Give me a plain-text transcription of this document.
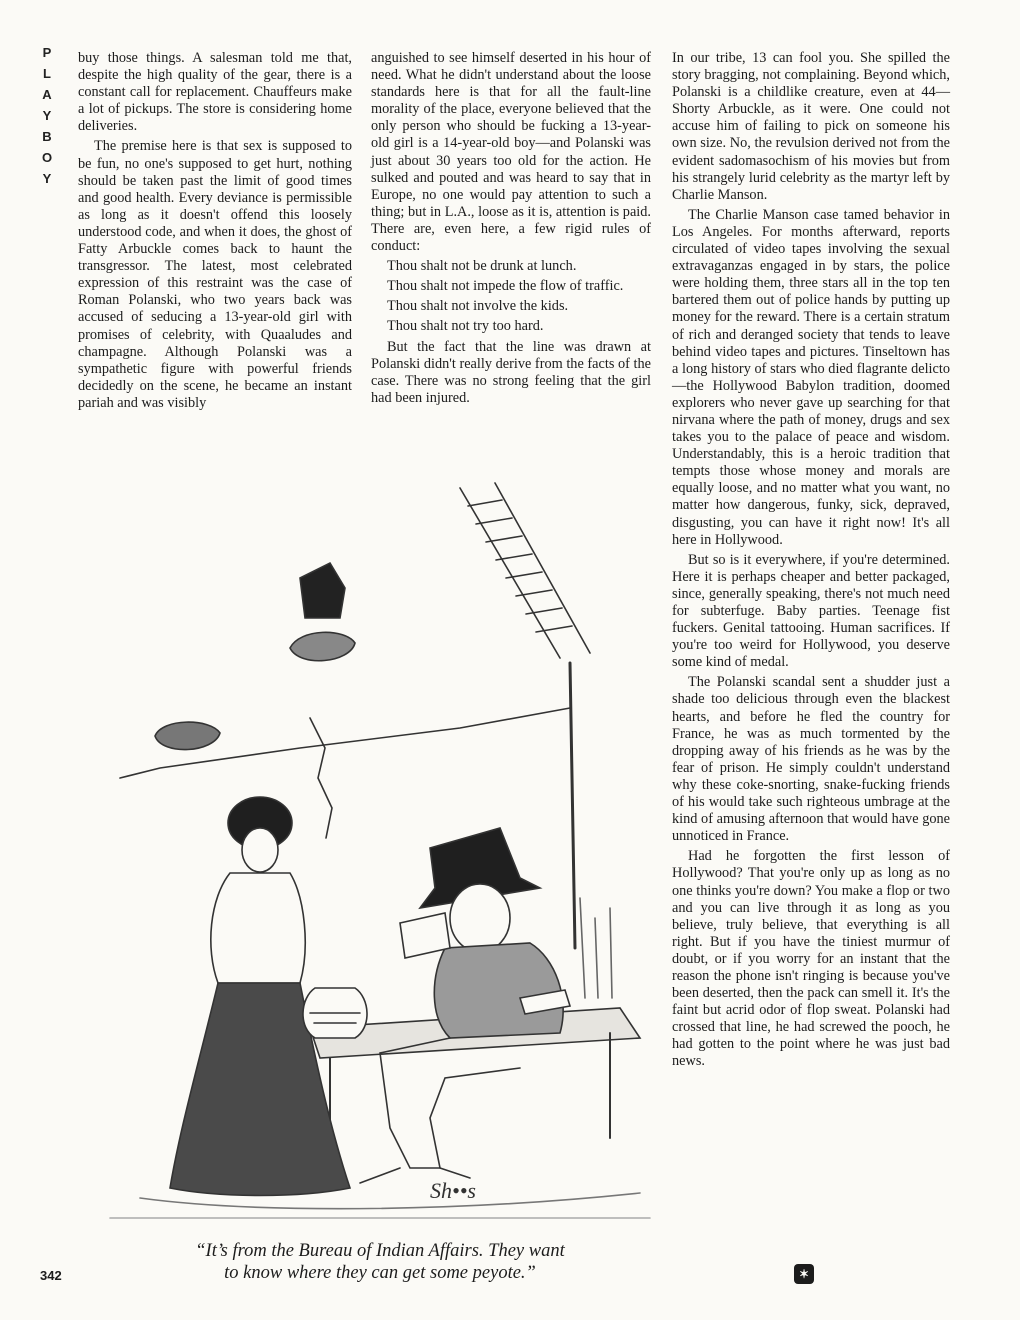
P
L
A
Y
B
O
Y

buy those things. A salesman told me that, despite the high quality of the gear, there is a constant call for replacement. Chauffeurs make a lot of pickups. The store is considering home deliveries.

The premise here is that sex is supposed to be fun, no one's supposed to get hurt, nothing should be taken past the limit of good times and good health. Every deviance is permissible as long as it doesn't offend this loosely understood code, and when it does, the ghost of Fatty Arbuckle comes back to haunt the transgressor. The latest, most celebrated expression of this restraint was the case of Roman Polanski, who two years back was accused of seducing a 13-year-old girl with promises of celebrity, with Quaaludes and champagne. Although Polanski was a sympathetic figure with powerful friends decidedly on the scene, he became an instant pariah and was visibly

anguished to see himself deserted in his hour of need. What he didn't understand about the loose standards here is that for all the fault-line morality of the place, everyone believed that the only person who should be fucking a 13-year-old girl is a 14-year-old boy—and Polanski was just about 30 years too old for the action. He sulked and pouted and was heard to say that in Europe, no one would pay attention to such a thing; but in L.A., loose as it is, attention is paid. There are, even here, a few rigid rules of conduct:

Thou shalt not be drunk at lunch.

Thou shalt not impede the flow of traffic.

Thou shalt not involve the kids.

Thou shalt not try too hard.

But the fact that the line was drawn at Polanski didn't really derive from the facts of the case. There was no strong feeling that the girl had been injured.

In our tribe, 13 can fool you. She spilled the story bragging, not complaining. Beyond which, Polanski is a childlike creature, even at 44—Shorty Arbuckle, as it were. One could not accuse him of failing to pick on someone his own size. No, the revulsion derived not from the evident sadomasochism of his movies but from his strangely lurid celebrity as the martyr left by Charlie Manson.

The Charlie Manson case tamed behavior in Los Angeles. For months afterward, reports circulated of video tapes involving the sexual extravaganzas engaged in by stars, the police were holding them, three stars all in the top ten bartered them out of police hands by putting up money for the reward. There is a certain stratum of rich and deranged society that tends to leave behind video tapes and pictures. Tinseltown has a long history of stars who died flagrante delicto—the Hollywood Babylon tradition, doomed explorers who never gave up searching for that nirvana where the path of money, drugs and sex takes you to the palace of peace and wisdom. Understandably, this is a heroic tradition that tempts those whose money and morals are equally loose, and no matter what you want, no matter how dangerous, funky, sick, depraved, disgusting, you can have it right now! It's all here in Hollywood.

But so is it everywhere, if you're determined. Here it is perhaps cheaper and better packaged, since, generally speaking, there's not much need for subterfuge. Baby parties. Teenage fist fuckers. Genital tattooing. Human sacrifices. If you're too weird for Hollywood, you deserve some kind of medal.

The Polanski scandal sent a shudder just a shade too delicious through even the blackest hearts, and before he fled the country for France, he was as much tormented by the dropping away of his friends as he was by the fear of prison. He simply couldn't understand why these coke-snorting, snake-fucking friends of his would take such righteous umbrage at the kind of amusing afternoon that would have gone unnoticed in France.

Had he forgotten the first lesson of Hollywood? That you're only up as long as no one thinks you're down? You make a flop or two and you can live through it as long as you believe, truly believe, that everything is all right. But if you have the tiniest murmur of doubt, or if you worry for an instant that the reason the phone isn't ringing is because you've been deserted, then the pack can smell it. It's the faint but acrid odor of flop sweat. Polanski had crossed that line, he had screwed the pooch, he had gotten to the point where he was just bad news.

Sh••s
“It’s from the Bureau of Indian Affairs. They want
to know where they can get some peyote.”
342	✶
